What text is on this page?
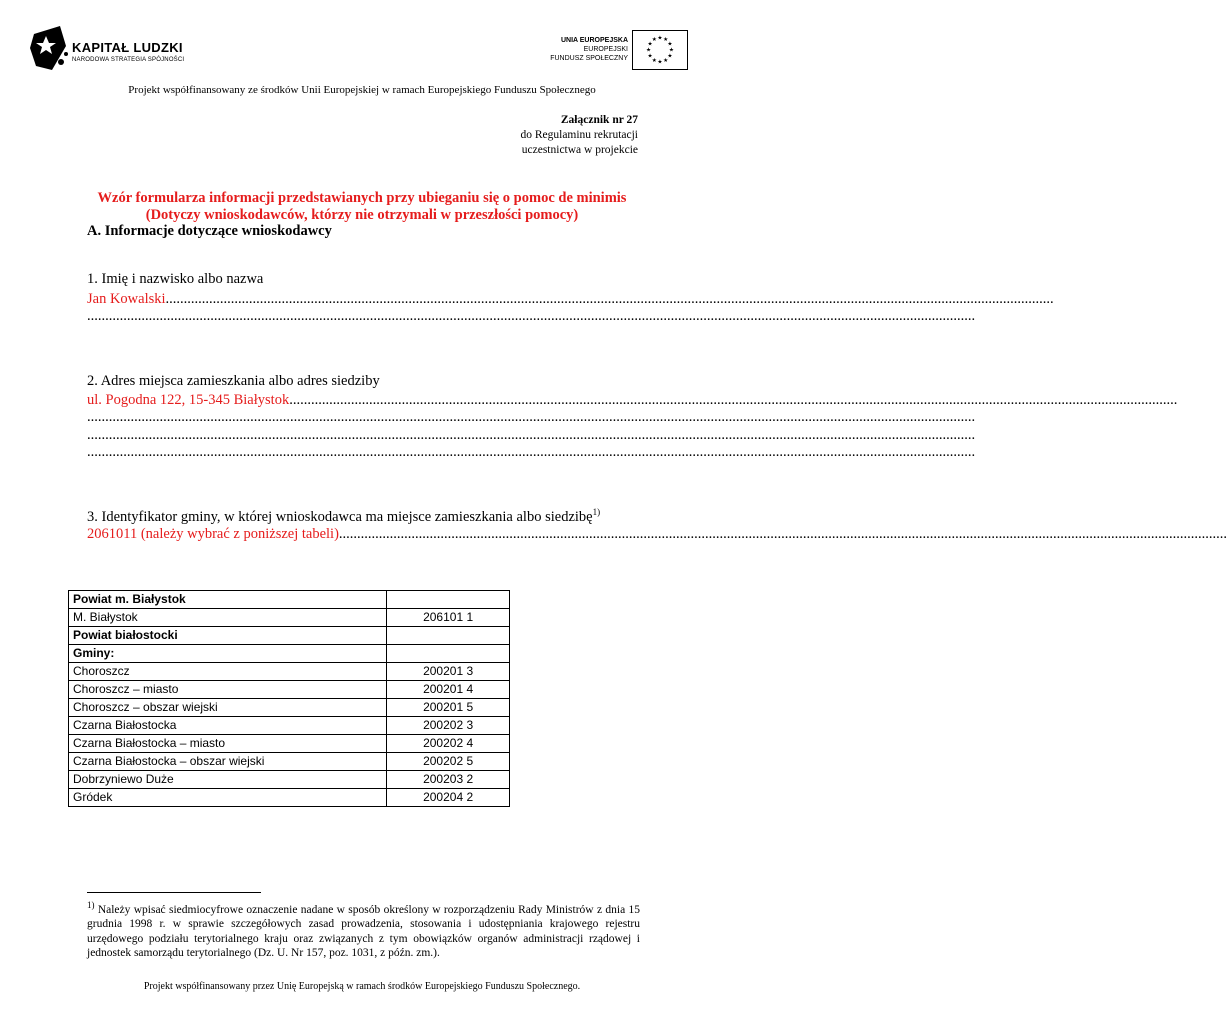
KAPITAŁ LUDZKI
NARODOWA STRATEGIA SPÓJNOŚCI
UNIA EUROPEJSKA
EUROPEJSKI
FUNDUSZ SPOŁECZNY
★ ★
★
★
★
★
★
★
★
★
★
★
Projekt współfinansowany ze środków Unii Europejskiej w ramach Europejskiego Funduszu Społecznego
Załącznik nr 27
do Regulaminu rekrutacji
uczestnictwa w projekcie
Wzór formularza informacji przedstawianych przy ubieganiu się o pomoc de minimis
(Dotyczy wnioskodawców, którzy nie otrzymali w przeszłości pomocy)
A. Informacje dotyczące wnioskodawcy
1. Imię i nazwisko albo nazwa
Jan Kowalski.....................................................................................................................................................................................................................................................
.....................................................................................................................................................................................................................................................
2. Adres miejsca zamieszkania albo adres siedziby
ul. Pogodna 122, 15-345 Białystok.....................................................................................................................................................................................................................................................
.....................................................................................................................................................................................................................................................
.....................................................................................................................................................................................................................................................
.....................................................................................................................................................................................................................................................
3. Identyfikator gminy, w której wnioskodawca ma miejsce zamieszkania albo siedzibę$^{1)}$
2061011 (należy wybrać z poniższej tabeli).....................................................................................................................................................................................................................................................
Powiat m. Białystok	
M. Białystok	206101 1
Powiat białostocki	
Gminy:	
Choroszcz	200201 3
Choroszcz – miasto	200201 4
Choroszcz – obszar wiejski	200201 5
Czarna Białostocka	200202 3
Czarna Białostocka – miasto	200202 4
Czarna Białostocka – obszar wiejski	200202 5
Dobrzyniewo Duże	200203 2
Gródek	200204 2
$^{1)}$ Należy wpisać siedmiocyfrowe oznaczenie nadane w sposób określony w rozporządzeniu Rady Ministrów z dnia 15 grudnia 1998 r. w sprawie szczegółowych zasad prowadzenia, stosowania i udostępniania krajowego rejestru urzędowego podziału terytorialnego kraju oraz związanych z tym obowiązków organów administracji rządowej i jednostek samorządu terytorialnego (Dz. U. Nr 157, poz. 1031, z późn. zm.).
Projekt współfinansowany przez Unię Europejską w ramach środków Europejskiego Funduszu Społecznego.
